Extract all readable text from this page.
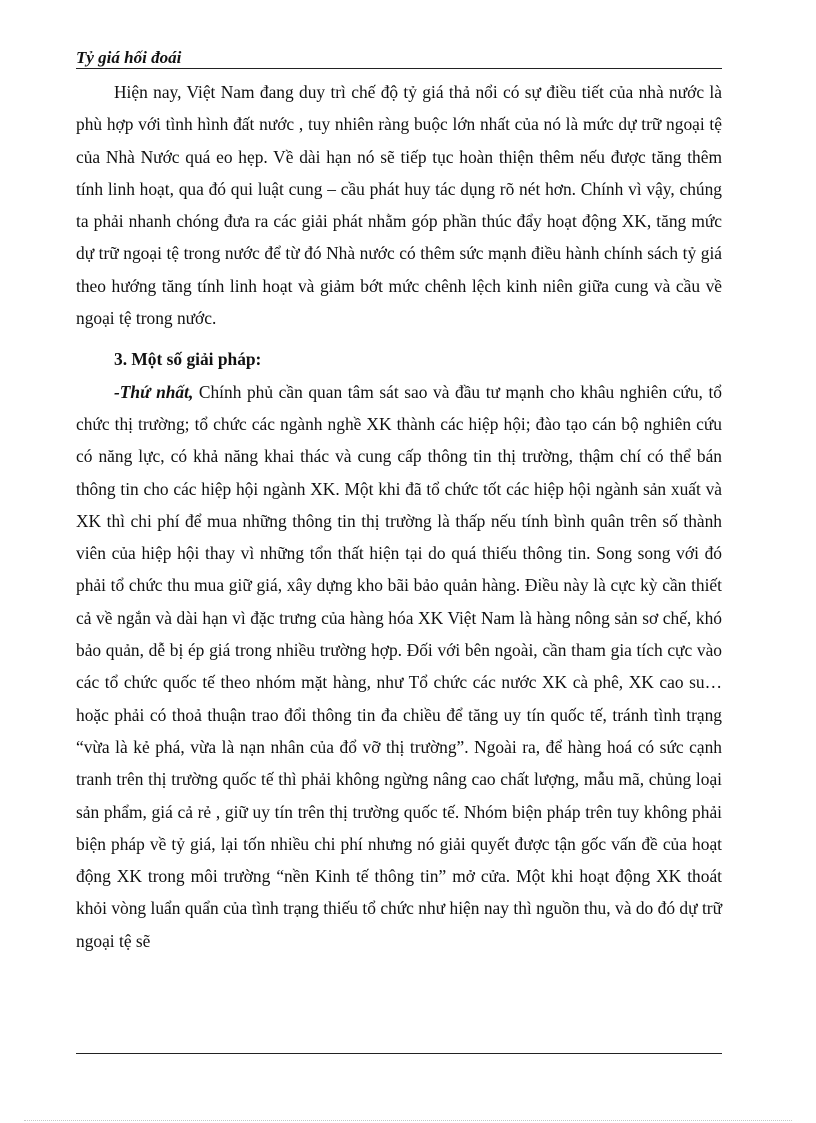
Tỷ giá hối đoái

Hiện nay, Việt Nam đang duy trì chế độ tỷ giá thả nổi có sự điều tiết của nhà nước là phù hợp với tình hình đất nước , tuy nhiên ràng buộc lớn nhất của nó là mức dự trữ ngoại tệ của Nhà Nước quá eo hẹp. Về dài hạn nó sẽ tiếp tục hoàn thiện thêm nếu được tăng thêm tính linh hoạt, qua đó qui luật cung – cầu phát huy tác dụng rõ nét hơn. Chính vì vậy, chúng ta phải nhanh chóng đưa ra các giải phát nhằm góp phần thúc đẩy hoạt động XK, tăng mức dự trữ ngoại tệ trong nước để từ đó Nhà nước có thêm sức mạnh điều hành chính sách tỷ giá theo hướng tăng tính linh hoạt và giảm bớt mức chênh lệch kinh niên giữa cung và cầu về ngoại tệ trong nước.

3. Một số giải pháp:

-Thứ nhất, Chính phủ cần quan tâm sát sao và đầu tư mạnh cho khâu nghiên cứu, tổ chức thị trường; tổ chức các ngành nghề XK thành các hiệp hội; đào tạo cán bộ nghiên cứu có năng lực, có khả năng khai thác và cung cấp thông tin thị trường, thậm chí có thể bán thông tin cho các hiệp hội ngành XK. Một khi đã tổ chức tốt các hiệp hội ngành sản xuất và XK thì chi phí để mua những thông tin thị trường là thấp nếu tính bình quân trên số thành viên của hiệp hội thay vì những tổn thất hiện tại do quá thiếu thông tin. Song song với đó phải tổ chức thu mua giữ giá, xây dựng kho bãi bảo quản hàng. Điều này là cực kỳ cần thiết cả về ngắn và dài hạn vì đặc trưng của hàng hóa XK Việt Nam là hàng nông sản sơ chế, khó bảo quản, dễ bị ép giá trong nhiều trường hợp. Đối với bên ngoài, cần tham gia tích cực vào các tổ chức quốc tế theo nhóm mặt hàng, như Tổ chức các nước XK cà phê, XK cao su… hoặc phải có thoả thuận trao đổi thông tin đa chiều để tăng uy tín quốc tế, tránh tình trạng “vừa là kẻ phá, vừa là nạn nhân của đổ vỡ thị trường”. Ngoài ra, để hàng hoá có sức cạnh tranh trên thị trường quốc tế thì phải không ngừng nâng cao chất lượng, mẫu mã, chủng loại sản phẩm, giá cả rẻ , giữ uy tín trên thị trường quốc tế. Nhóm biện pháp trên tuy không phải biện pháp về tỷ giá, lại tốn nhiều chi phí nhưng nó giải quyết được tận gốc vấn đề của hoạt động XK trong môi trường “nền Kinh tế thông tin” mở cửa. Một khi hoạt động XK thoát khỏi vòng luẩn quẩn của tình trạng thiếu tổ chức như hiện nay thì nguồn thu, và do đó dự trữ ngoại tệ sẽ
